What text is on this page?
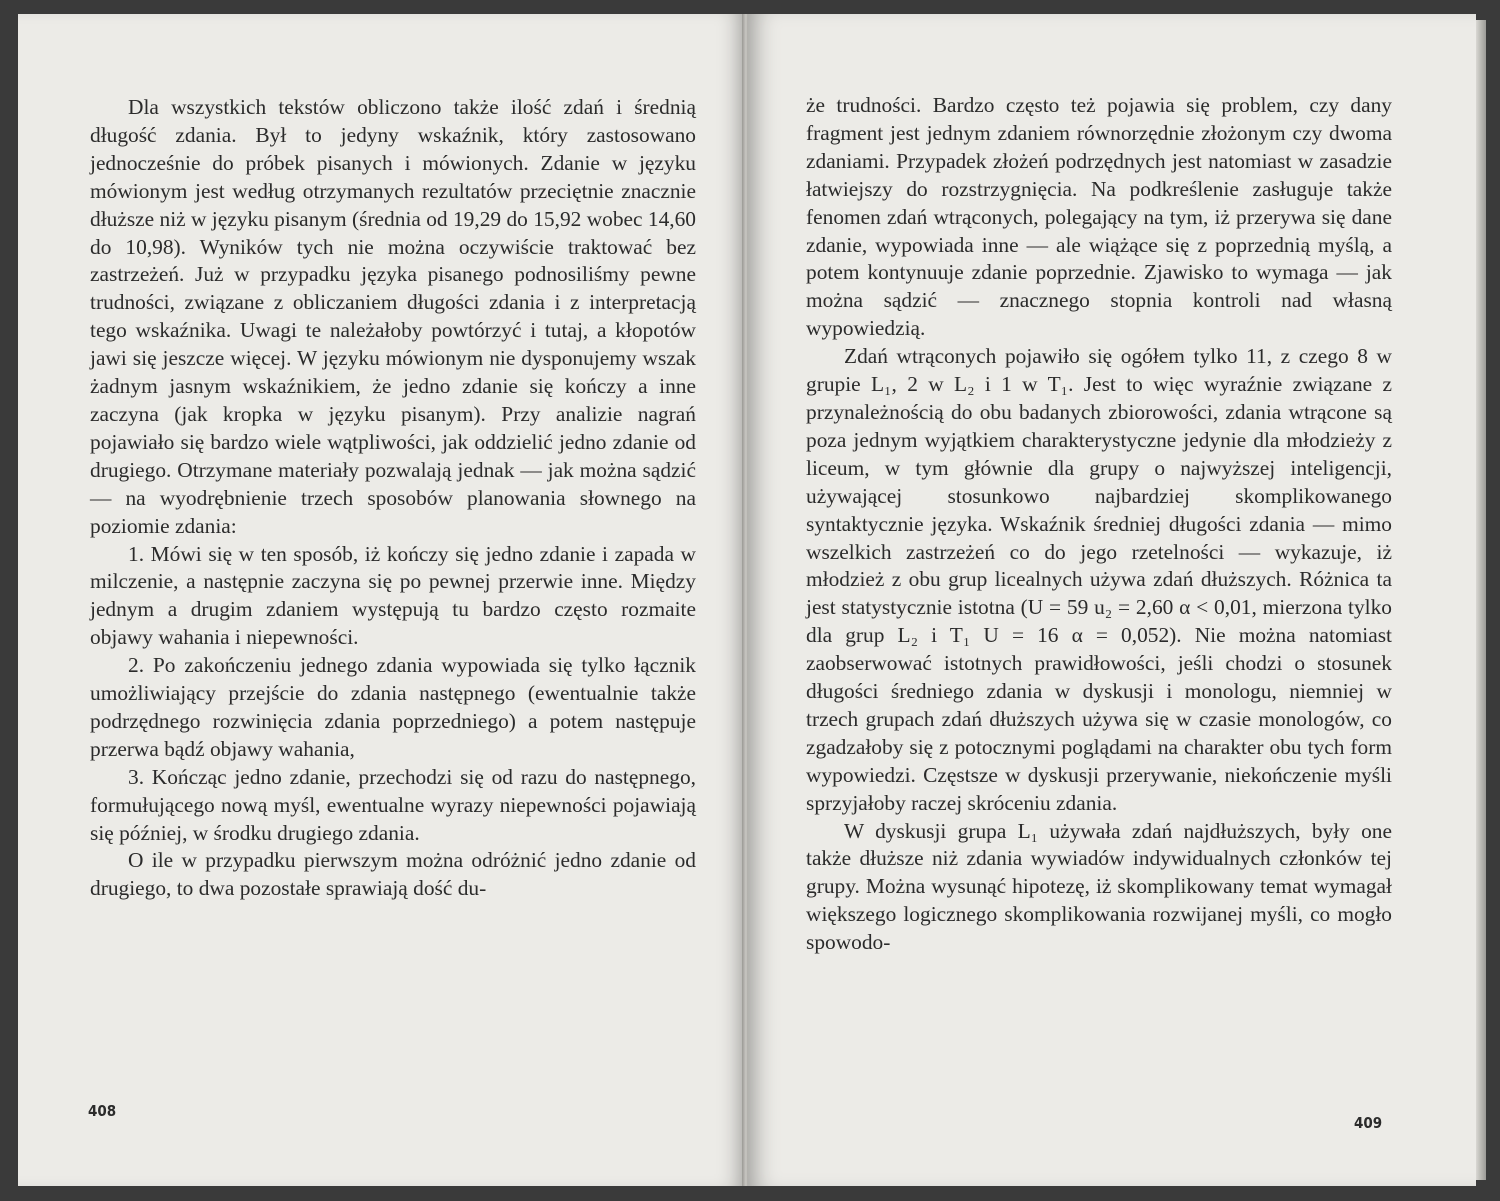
Dla wszystkich tekstów obliczono także ilość zdań i średnią długość zdania. Był to jedyny wskaźnik, który zastosowano jednocześnie do próbek pisanych i mówionych. Zdanie w języku mówionym jest według otrzymanych rezultatów przeciętnie znacznie dłuższe niż w języku pisanym (średnia od 19,29 do 15,92 wobec 14,60 do 10,98). Wyników tych nie można oczywiście traktować bez zastrzeżeń. Już w przypadku języka pisanego podnosiliśmy pewne trudności, związane z obliczaniem długości zdania i z interpretacją tego wskaźnika. Uwagi te należałoby powtórzyć i tutaj, a kłopotów jawi się jeszcze więcej. W języku mówionym nie dysponujemy wszak żadnym jasnym wskaźnikiem, że jedno zdanie się kończy a inne zaczyna (jak kropka w języku pisanym). Przy analizie nagrań pojawiało się bardzo wiele wątpliwości, jak oddzielić jedno zdanie od drugiego. Otrzymane materiały pozwalają jednak — jak można sądzić — na wyodrębnienie trzech sposobów planowania słownego na poziomie zdania:

1. Mówi się w ten sposób, iż kończy się jedno zdanie i zapada w milczenie, a następnie zaczyna się po pewnej przerwie inne. Między jednym a drugim zdaniem występują tu bardzo często rozmaite objawy wahania i niepewności.

2. Po zakończeniu jednego zdania wypowiada się tylko łącznik umożliwiający przejście do zdania następnego (ewentualnie także podrzędnego rozwinięcia zdania poprzedniego) a potem następuje przerwa bądź objawy wahania,

3. Kończąc jedno zdanie, przechodzi się od razu do następnego, formułującego nową myśl, ewentualne wyrazy niepewności pojawiają się później, w środku drugiego zdania.

O ile w przypadku pierwszym można odróżnić jedno zdanie od drugiego, to dwa pozostałe sprawiają dość du-

408

że trudności. Bardzo często też pojawia się problem, czy dany fragment jest jednym zdaniem równorzędnie złożonym czy dwoma zdaniami. Przypadek złożeń podrzędnych jest natomiast w zasadzie łatwiejszy do rozstrzygnięcia. Na podkreślenie zasługuje także fenomen zdań wtrąconych, polegający na tym, iż przerywa się dane zdanie, wypowiada inne — ale wiążące się z poprzednią myślą, a potem kontynuuje zdanie poprzednie. Zjawisko to wymaga — jak można sądzić — znacznego stopnia kontroli nad własną wypowiedzią.

Zdań wtrąconych pojawiło się ogółem tylko 11, z czego 8 w grupie L₁, 2 w L₂ i 1 w T₁. Jest to więc wyraźnie związane z przynależnością do obu badanych zbiorowości, zdania wtrącone są poza jednym wyjątkiem charakterystyczne jedynie dla młodzieży z liceum, w tym głównie dla grupy o najwyższej inteligencji, używającej stosunkowo najbardziej skomplikowanego syntaktycznie języka. Wskaźnik średniej długości zdania — mimo wszelkich zastrzeżeń co do jego rzetelności — wykazuje, iż młodzież z obu grup licealnych używa zdań dłuższych. Różnica ta jest statystycznie istotna (U = 59 u₂ = 2,60 α < 0,01, mierzona tylko dla grup L₂ i T₁ U = 16 α = 0,052). Nie można natomiast zaobserwować istotnych prawidłowości, jeśli chodzi o stosunek długości średniego zdania w dyskusji i monologu, niemniej w trzech grupach zdań dłuższych używa się w czasie monologów, co zgadzałoby się z potocznymi poglądami na charakter obu tych form wypowiedzi. Częstsze w dyskusji przerywanie, niekończenie myśli sprzyjałoby raczej skróceniu zdania.

W dyskusji grupa L₁ używała zdań najdłuższych, były one także dłuższe niż zdania wywiadów indywidualnych członków tej grupy. Można wysunąć hipotezę, iż skomplikowany temat wymagał większego logicznego skomplikowania rozwijanej myśli, co mogło spowodo-

409
